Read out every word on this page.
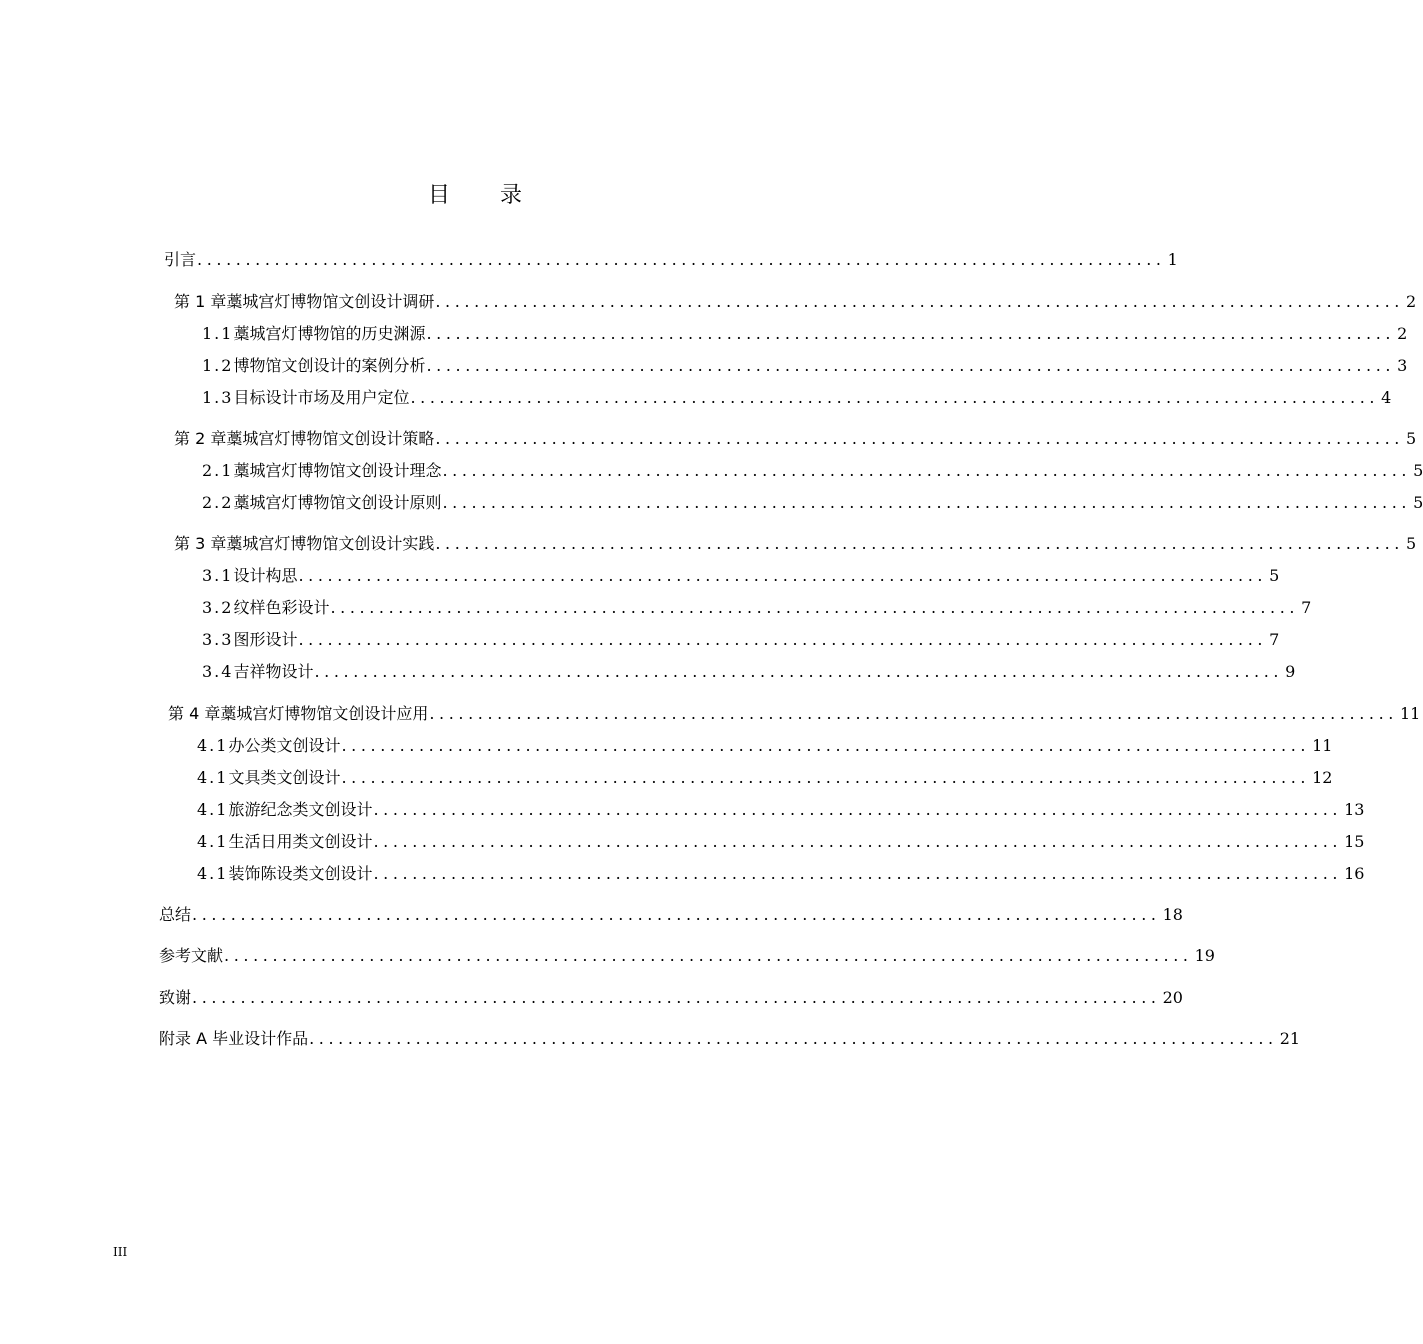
目 录
引言 .................................................................................................... 1
第 1 章 藁城宫灯博物馆文创设计调研 .................................................................................................... 2
1.1 藁城宫灯博物馆的历史渊源 .................................................................................................... 2
1.2 博物馆文创设计的案例分析 .................................................................................................... 3
1.3 目标设计市场及用户定位 .................................................................................................... 4
第 2 章 藁城宫灯博物馆文创设计策略 .................................................................................................... 5
2.1 藁城宫灯博物馆文创设计理念 .................................................................................................... 5
2.2 藁城宫灯博物馆文创设计原则 .................................................................................................... 5
第 3 章 藁城宫灯博物馆文创设计实践 .................................................................................................... 5
3.1 设计构思 .................................................................................................... 5
3.2 纹样色彩设计 .................................................................................................... 7
3.3 图形设计 .................................................................................................... 7
3.4 吉祥物设计 .................................................................................................... 9
第 4 章 藁城宫灯博物馆文创设计应用 .................................................................................................... 11
4.1 办公类文创设计 .................................................................................................... 11
4.1 文具类文创设计 .................................................................................................... 12
4.1 旅游纪念类文创设计 .................................................................................................... 13
4.1 生活日用类文创设计 .................................................................................................... 15
4.1 装饰陈设类文创设计 .................................................................................................... 16
总结 .................................................................................................... 18
参考文献 .................................................................................................... 19
致谢 .................................................................................................... 20
附录 A 毕业设计作品 .................................................................................................... 21
III
